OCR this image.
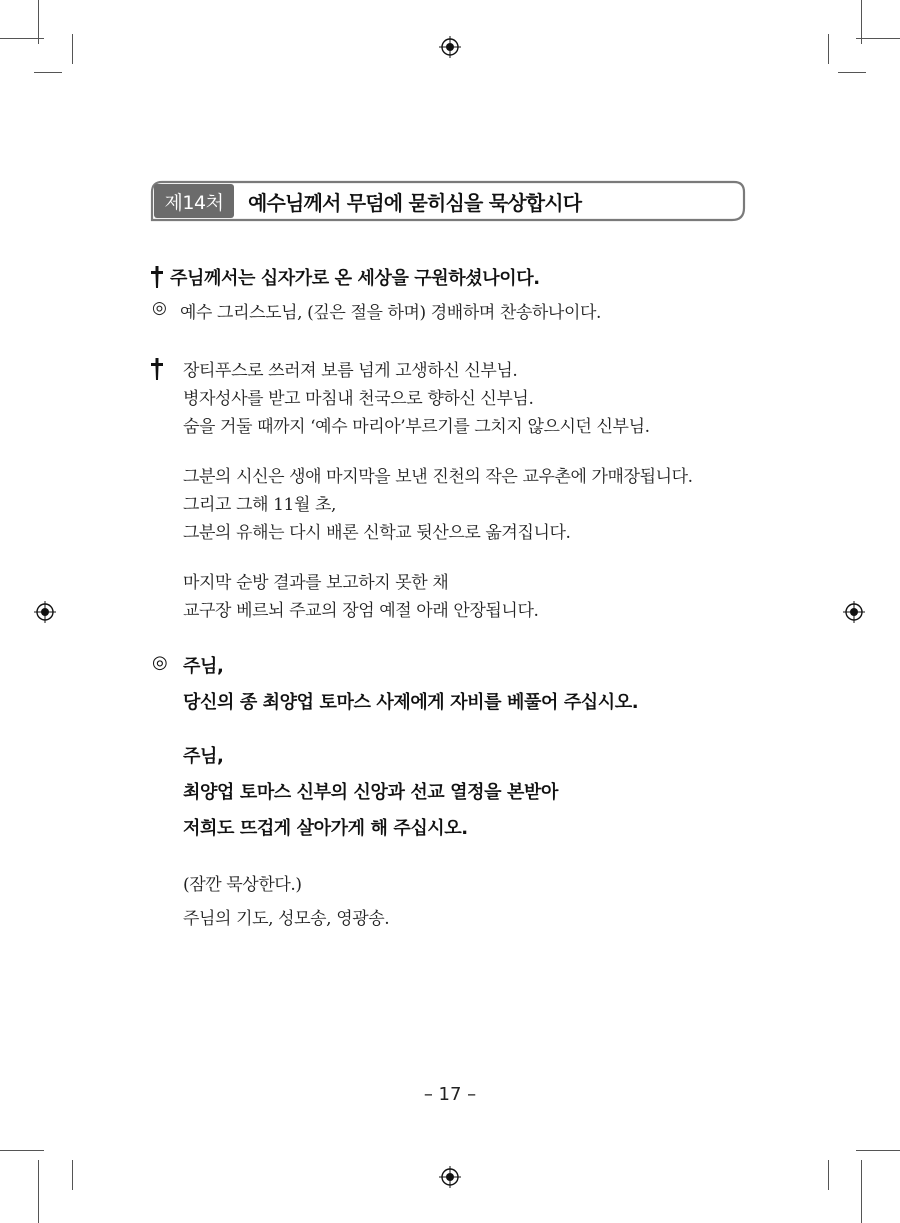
제14처	예수님께서 무덤에 묻히심을 묵상합시다
주님께서는 십자가로 온 세상을 구원하셨나이다.
◎ 예수 그리스도님, (깊은 절을 하며) 경배하며 찬송하나이다.
장티푸스로 쓰러져 보름 넘게 고생하신 신부님.
병자성사를 받고 마침내 천국으로 향하신 신부님.
숨을 거둘 때까지 ‘예수 마리아’부르기를 그치지 않으시던 신부님.
그분의 시신은 생애 마지막을 보낸 진천의 작은 교우촌에 가매장됩니다.
그리고 그해 11월 초,
그분의 유해는 다시 배론 신학교 뒷산으로 옮겨집니다.
마지막 순방 결과를 보고하지 못한 채
교구장 베르뇌 주교의 장엄 예절 아래 안장됩니다.
◎ 주님,
당신의 종 최양업 토마스 사제에게 자비를 베풀어 주십시오.
주님,
최양업 토마스 신부의 신앙과 선교 열정을 본받아
저희도 뜨겁게 살아가게 해 주십시오.
(잠깐 묵상한다.)
주님의 기도, 성모송, 영광송.
– 17 –
